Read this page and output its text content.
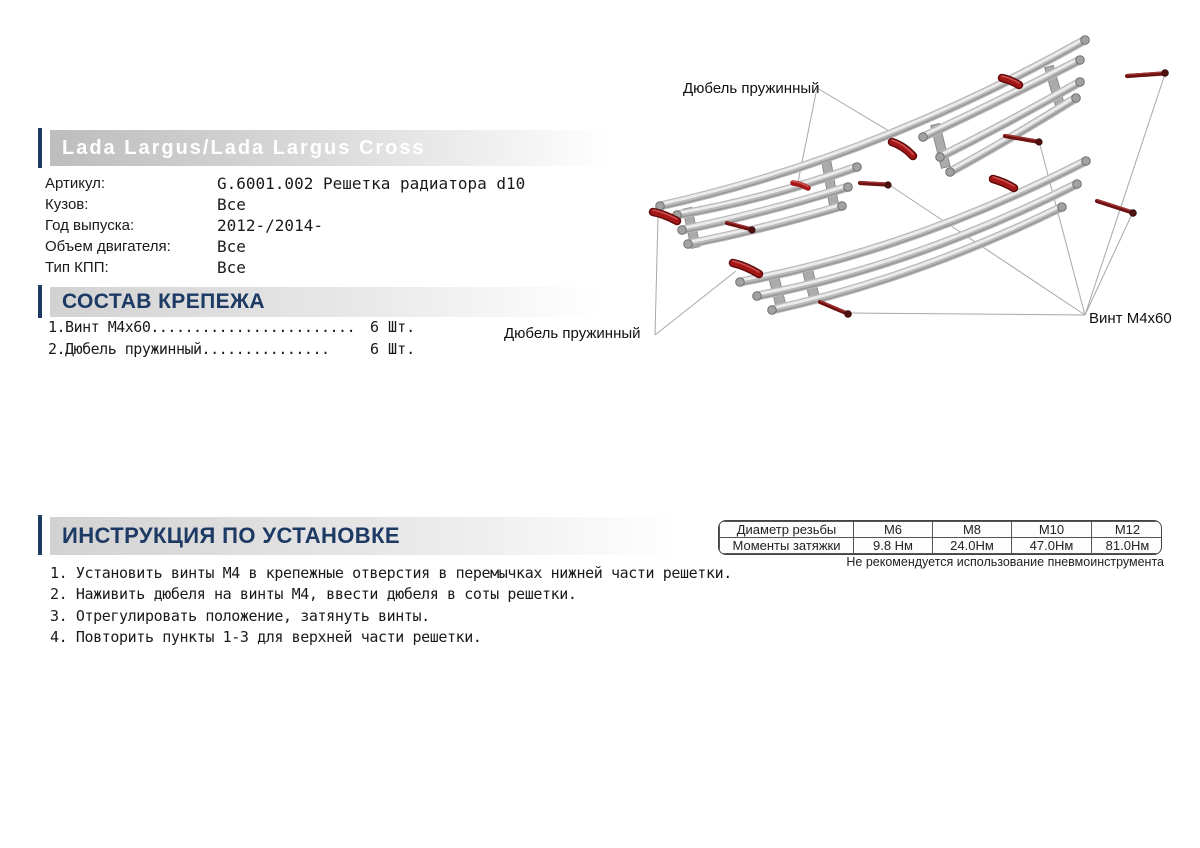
Lada Largus/Lada Largus Cross
Артикул:	G.6001.002 Решетка радиатора d10
Кузов:	Все
Год выпуска:	2012-/2014-
Объем двигателя:	Все
Тип КПП:	Все
СОСТАВ КРЕПЕЖА
1.Винт M4x60........................ 6 Шт.
2.Дюбель пружинный...............	6 Шт.
Дюбель пружинный
Дюбель пружинный
Винт M4x60
ИНСТРУКЦИЯ ПО УСТАНОВКЕ	Диаметр резьбы	M6	M8	M10	M12
Моменты затяжки	9.8 Нм	24.0Нм	47.0Нм	81.0Нм
Не рекомендуется использование пневмоинструмента
1. Установить винты M4 в крепежные отверстия в перемычках нижней части решетки.
2. Наживить дюбеля на винты M4, ввести дюбеля в соты решетки.
3. Отрегулировать положение, затянуть винты.
4. Повторить пункты 1-3 для верхней части решетки.
